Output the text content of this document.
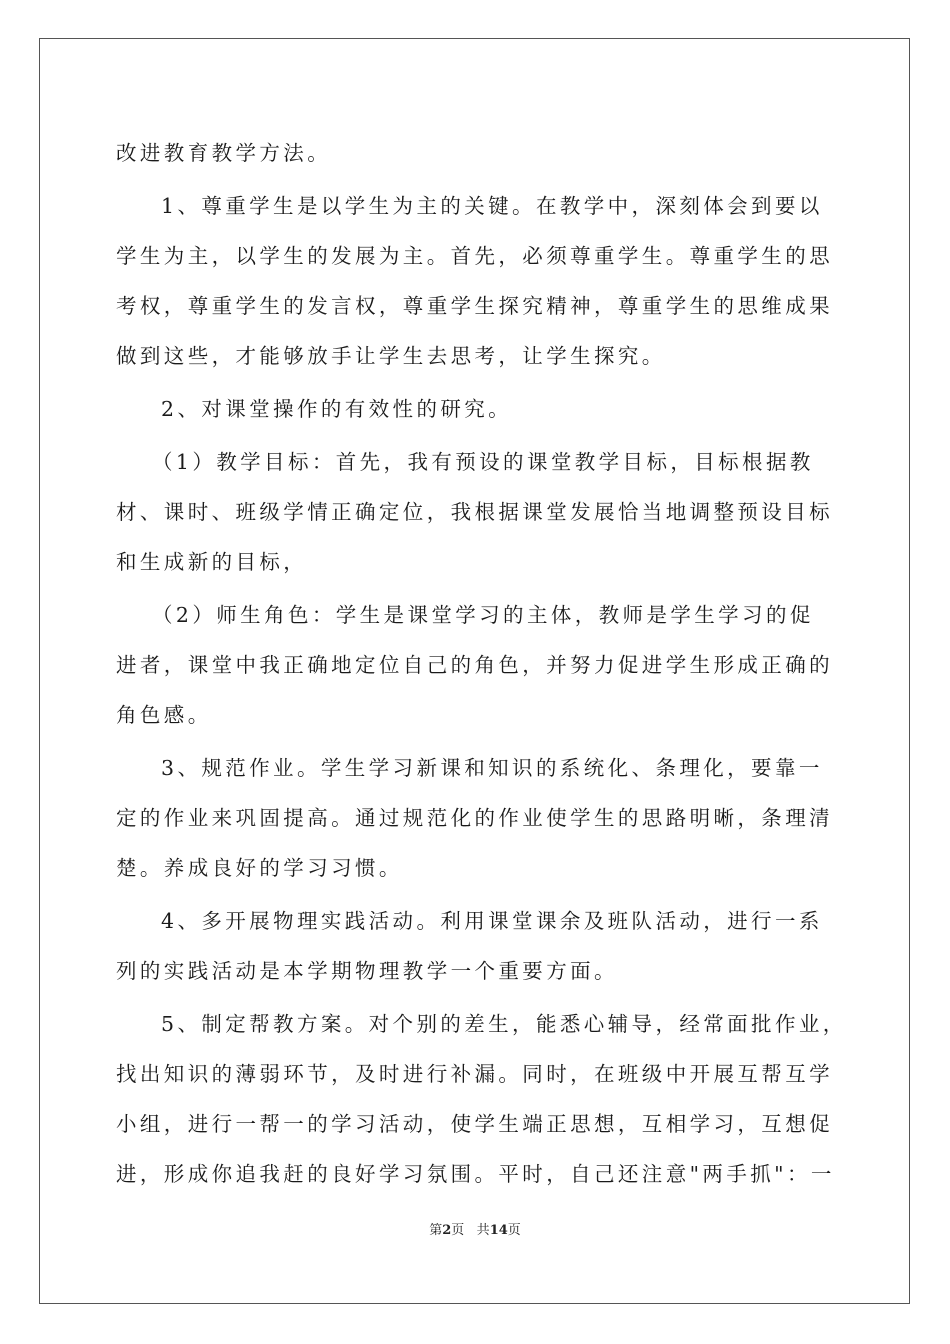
改进教育教学方法。
1、尊重学生是以学生为主的关键。在教学中，深刻体会到要以
学生为主，以学生的发展为主。首先，必须尊重学生。尊重学生的思
考权，尊重学生的发言权，尊重学生探究精神，尊重学生的思维成果
做到这些，才能够放手让学生去思考，让学生探究。
2、对课堂操作的有效性的研究。
（1）教学目标：首先，我有预设的课堂教学目标，目标根据教
材、课时、班级学情正确定位，我根据课堂发展恰当地调整预设目标
和生成新的目标，
（2）师生角色：学生是课堂学习的主体，教师是学生学习的促
进者，课堂中我正确地定位自己的角色，并努力促进学生形成正确的
角色感。
3、规范作业。学生学习新课和知识的系统化、条理化，要靠一
定的作业来巩固提高。通过规范化的作业使学生的思路明晰，条理清
楚。养成良好的学习习惯。
4、多开展物理实践活动。利用课堂课余及班队活动，进行一系
列的实践活动是本学期物理教学一个重要方面。
5、制定帮教方案。对个别的差生，能悉心辅导，经常面批作业，
找出知识的薄弱环节，及时进行补漏。同时，在班级中开展互帮互学
小组，进行一帮一的学习活动，使学生端正思想，互相学习，互想促
进，形成你追我赶的良好学习氛围。平时，自己还注意"两手抓"：一
第2页 共14页
